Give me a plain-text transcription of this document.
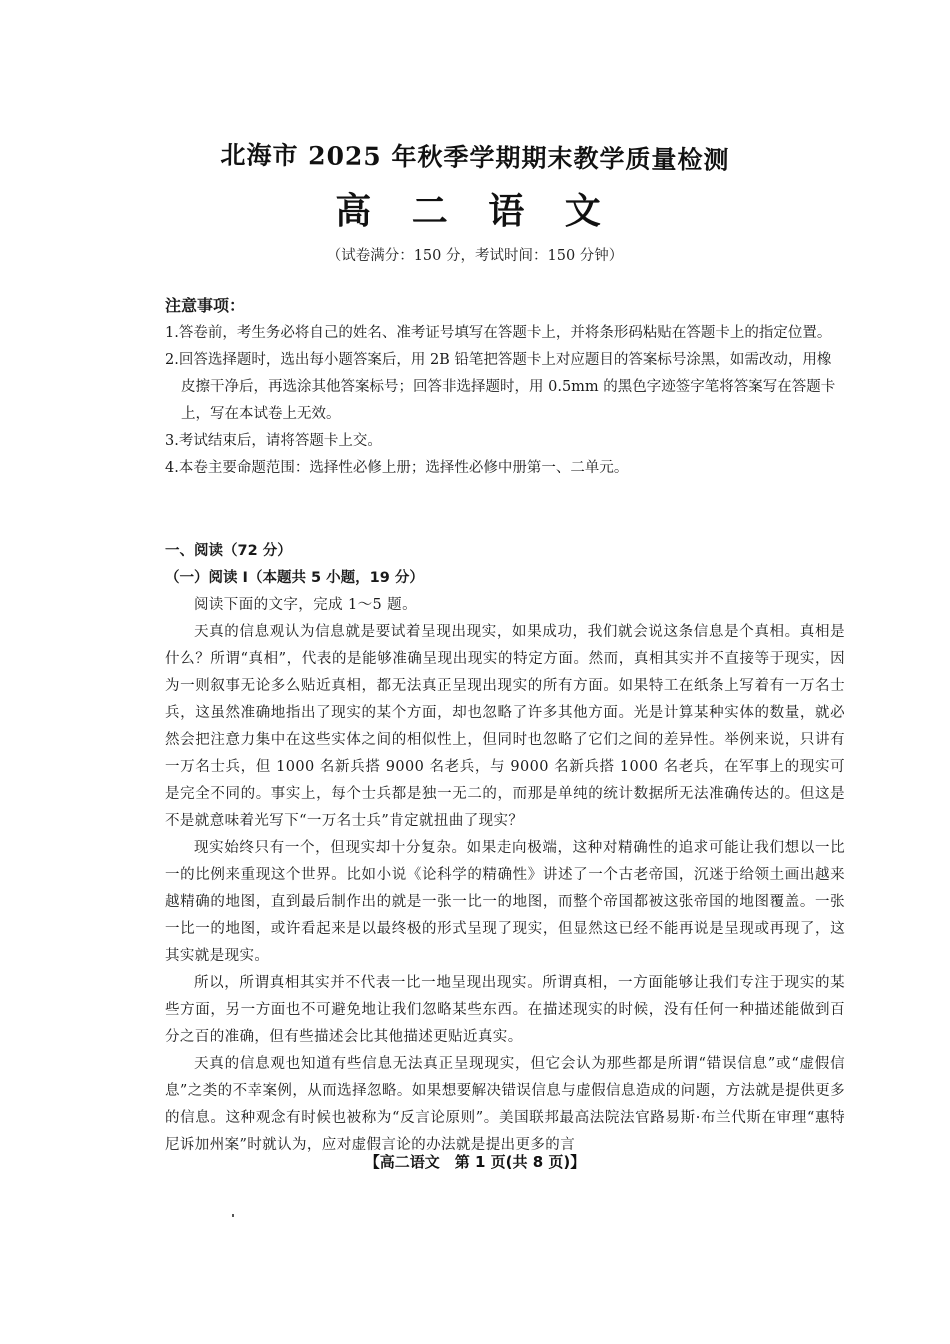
北海市 2025 年秋季学期期末教学质量检测
高 二 语 文
（试卷满分：150 分，考试时间：150 分钟）
注意事项：
1.答卷前，考生务必将自己的姓名、准考证号填写在答题卡上，并将条形码粘贴在答题卡上的指定位置。
2.回答选择题时，选出每小题答案后，用 2B 铅笔把答题卡上对应题目的答案标号涂黑，如需改动，用橡皮擦干净后，再选涂其他答案标号；回答非选择题时，用 0.5mm 的黑色字迹签字笔将答案写在答题卡上，写在本试卷上无效。
3.考试结束后，请将答题卡上交。
4.本卷主要命题范围：选择性必修上册；选择性必修中册第一、二单元。
一、阅读（72 分）
（一）阅读 I（本题共 5 小题，19 分）

阅读下面的文字，完成 1～5 题。

天真的信息观认为信息就是要试着呈现出现实，如果成功，我们就会说这条信息是个真相。真相是什么？所谓“真相”，代表的是能够准确呈现出现实的特定方面。然而，真相其实并不直接等于现实，因为一则叙事无论多么贴近真相，都无法真正呈现出现实的所有方面。如果特工在纸条上写着有一万名士兵，这虽然准确地指出了现实的某个方面，却也忽略了许多其他方面。光是计算某种实体的数量，就必然会把注意力集中在这些实体之间的相似性上，但同时也忽略了它们之间的差异性。举例来说，只讲有一万名士兵，但 1000 名新兵搭 9000 名老兵，与 9000 名新兵搭 1000 名老兵，在军事上的现实可是完全不同的。事实上，每个士兵都是独一无二的，而那是单纯的统计数据所无法准确传达的。但这是不是就意味着光写下“一万名士兵”肯定就扭曲了现实？

现实始终只有一个，但现实却十分复杂。如果走向极端，这种对精确性的追求可能让我们想以一比一的比例来重现这个世界。比如小说《论科学的精确性》讲述了一个古老帝国，沉迷于给领土画出越来越精确的地图，直到最后制作出的就是一张一比一的地图，而整个帝国都被这张帝国的地图覆盖。一张一比一的地图，或许看起来是以最终极的形式呈现了现实，但显然这已经不能再说是呈现或再现了，这其实就是现实。

所以，所谓真相其实并不代表一比一地呈现出现实。所谓真相，一方面能够让我们专注于现实的某些方面，另一方面也不可避免地让我们忽略某些东西。在描述现实的时候，没有任何一种描述能做到百分之百的准确，但有些描述会比其他描述更贴近真实。

天真的信息观也知道有些信息无法真正呈现现实，但它会认为那些都是所谓“错误信息”或“虚假信息”之类的不幸案例，从而选择忽略。如果想要解决错误信息与虚假信息造成的问题，方法就是提供更多的信息。这种观念有时候也被称为“反言论原则”。美国联邦最高法院法官路易斯·布兰代斯在审理“惠特尼诉加州案”时就认为，应对虚假言论的办法就是提出更多的言

【高二语文　第 1 页(共 8 页)】
